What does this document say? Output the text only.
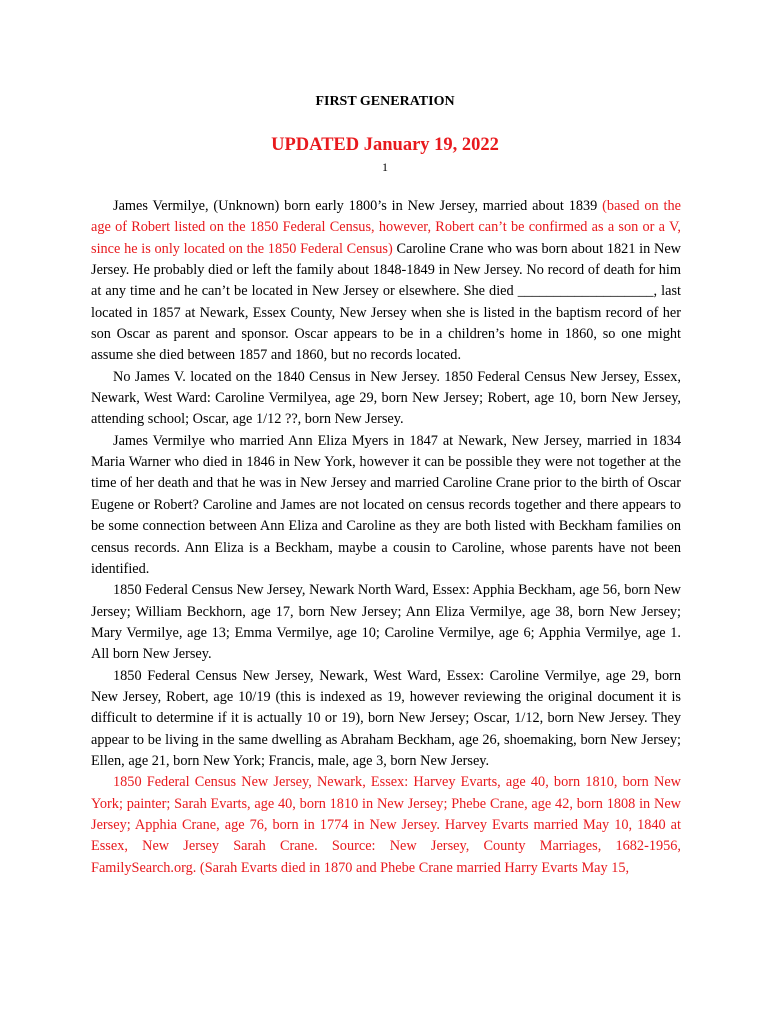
FIRST GENERATION
UPDATED January 19, 2022
1

James Vermilye, (Unknown) born early 1800’s in New Jersey, married about 1839 (based on the age of Robert listed on the 1850 Federal Census, however, Robert can’t be confirmed as a son or a V, since he is only located on the 1850 Federal Census) Caroline Crane who was born about 1821 in New Jersey. He probably died or left the family about 1848-1849 in New Jersey. No record of death for him at any time and he can’t be located in New Jersey or elsewhere. She died ___________________, last located in 1857 at Newark, Essex County, New Jersey when she is listed in the baptism record of her son Oscar as parent and sponsor. Oscar appears to be in a children’s home in 1860, so one might assume she died between 1857 and 1860, but no records located.

No James V. located on the 1840 Census in New Jersey. 1850 Federal Census New Jersey, Essex, Newark, West Ward: Caroline Vermilyea, age 29, born New Jersey; Robert, age 10, born New Jersey, attending school; Oscar, age 1/12 ??, born New Jersey.

James Vermilye who married Ann Eliza Myers in 1847 at Newark, New Jersey, married in 1834 Maria Warner who died in 1846 in New York, however it can be possible they were not together at the time of her death and that he was in New Jersey and married Caroline Crane prior to the birth of Oscar Eugene or Robert? Caroline and James are not located on census records together and there appears to be some connection between Ann Eliza and Caroline as they are both listed with Beckham families on census records. Ann Eliza is a Beckham, maybe a cousin to Caroline, whose parents have not been identified.

1850 Federal Census New Jersey, Newark North Ward, Essex: Apphia Beckham, age 56, born New Jersey; William Beckhorn, age 17, born New Jersey; Ann Eliza Vermilye, age 38, born New Jersey; Mary Vermilye, age 13; Emma Vermilye, age 10; Caroline Vermilye, age 6; Apphia Vermilye, age 1. All born New Jersey.

1850 Federal Census New Jersey, Newark, West Ward, Essex: Caroline Vermilye, age 29, born New Jersey, Robert, age 10/19 (this is indexed as 19, however reviewing the original document it is difficult to determine if it is actually 10 or 19), born New Jersey; Oscar, 1/12, born New Jersey. They appear to be living in the same dwelling as Abraham Beckham, age 26, shoemaking, born New Jersey; Ellen, age 21, born New York; Francis, male, age 3, born New Jersey.

1850 Federal Census New Jersey, Newark, Essex: Harvey Evarts, age 40, born 1810, born New York; painter; Sarah Evarts, age 40, born 1810 in New Jersey; Phebe Crane, age 42, born 1808 in New Jersey; Apphia Crane, age 76, born in 1774 in New Jersey. Harvey Evarts married May 10, 1840 at Essex, New Jersey Sarah Crane. Source: New Jersey, County Marriages, 1682-1956, FamilySearch.org. (Sarah Evarts died in 1870 and Phebe Crane married Harry Evarts May 15,
